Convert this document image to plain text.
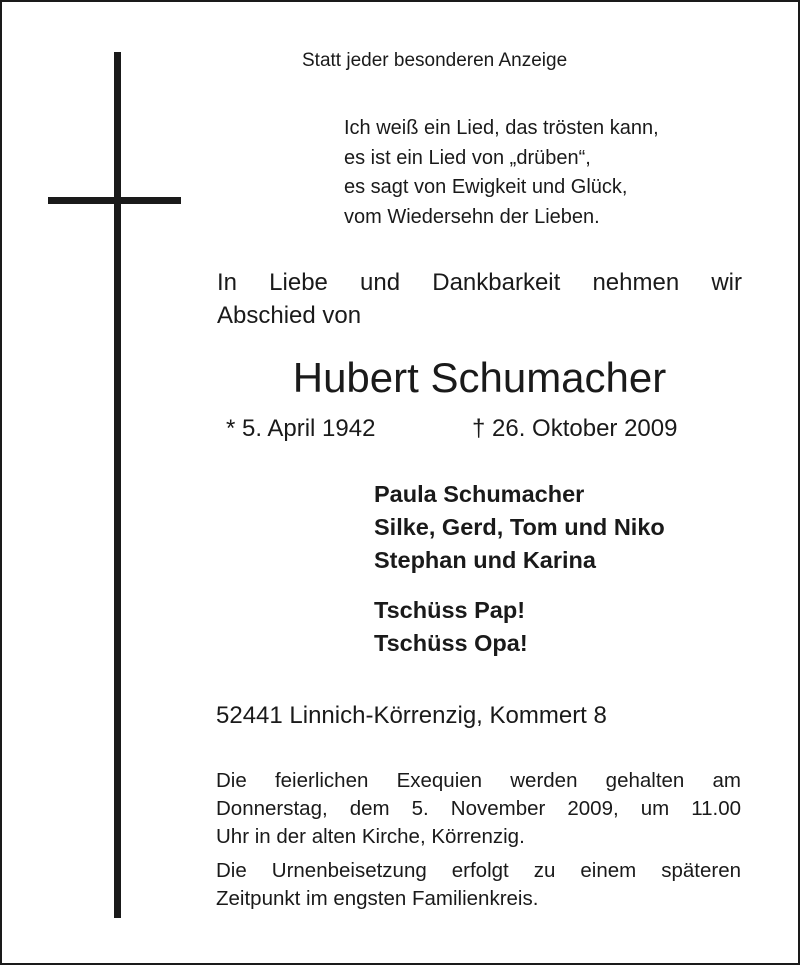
Statt jeder besonderen Anzeige
Ich weiß ein Lied, das trösten kann,
es ist ein Lied von „drüben“,
es sagt von Ewigkeit und Glück,
vom Wiedersehn der Lieben.
In Liebe und Dankbarkeit nehmen wir
Abschied von
Hubert Schumacher
* 5. April 1942	† 26. Oktober 2009
Paula Schumacher
Silke, Gerd, Tom und Niko
Stephan und Karina
Tschüss Pap!
Tschüss Opa!
52441 Linnich-Körrenzig, Kommert 8
Die feierlichen Exequien werden gehalten am
Donnerstag, dem 5. November 2009, um 11.00
Uhr in der alten Kirche, Körrenzig.
Die Urnenbeisetzung erfolgt zu einem späteren
Zeitpunkt im engsten Familienkreis.
